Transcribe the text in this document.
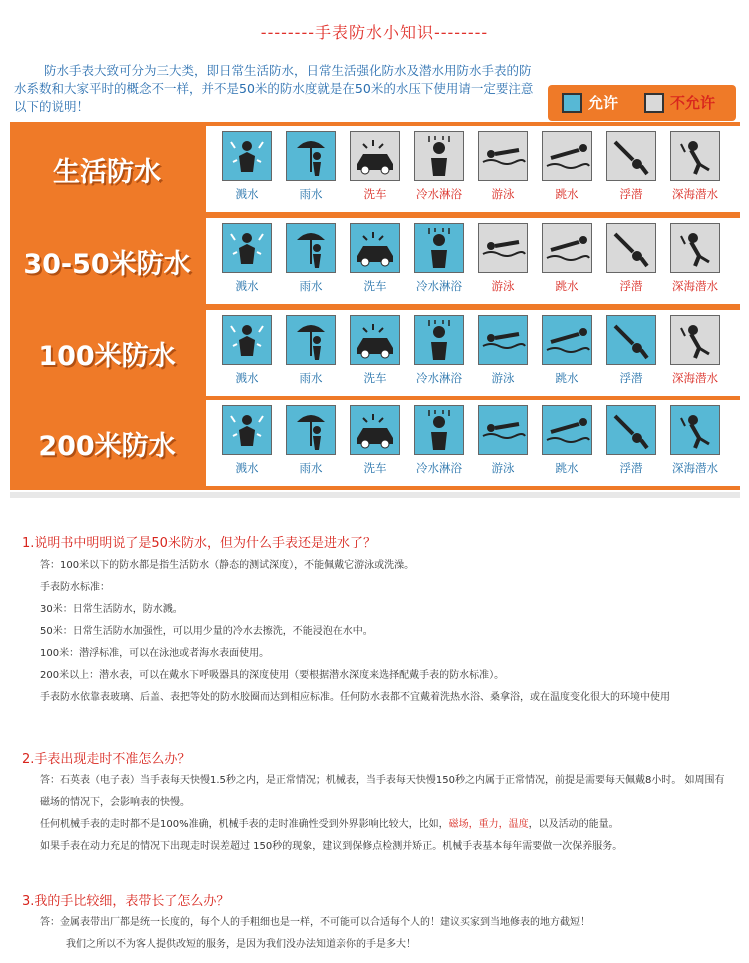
--------手表防水小知识--------
防水手表大致可分为三大类，即日常生活防水，日常生活强化防水及潜水用防水手表的防水系数和大家平时的概念不一样，并不是50米的防水度就是在50米的水压下使用请一定要注意以下的说明！	允许	不允许
生活防水
溅水	雨水	洗车	冷水淋浴	游泳	跳水	浮潜	深海潜水
30-50米防水
溅水	雨水	洗车	冷水淋浴	游泳	跳水	浮潜	深海潜水
100米防水
溅水	雨水	洗车	冷水淋浴	游泳	跳水	浮潜	深海潜水
200米防水
溅水	雨水	洗车	冷水淋浴	游泳	跳水	浮潜	深海潜水
1.说明书中明明说了是50米防水，但为什么手表还是进水了？
答：100米以下的防水都是指生活防水（静态的测试深度），不能佩戴它游泳或洗澡。
手表防水标准：
30米：日常生活防水，防水溅。
50米：日常生活防水加强性，可以用少量的冷水去擦洗，不能浸泡在水中。
100米：潜浮标准，可以在泳池或者海水表面使用。
200米以上：潜水表，可以在戴水下呼吸器具的深度使用（要根据潜水深度来选择配戴手表的防水标准）。
手表防水依靠表玻璃、后盖、表把等处的防水胶圈而达到相应标准。任何防水表都不宜戴着洗热水浴、桑拿浴，或在温度变化很大的环境中使用
2.手表出现走时不准怎么办？
答：石英表（电子表）当手表每天快慢1.5秒之内，是正常情况；机械表，当手表每天快慢150秒之内属于正常情况，前提是需要每天佩戴8小时。 如周围有磁场的情况下，会影响表的快慢。
任何机械手表的走时都不是100%准确，机械手表的走时准确性受到外界影响比较大，比如，磁场，重力，温度，以及活动的能量。
如果手表在动力充足的情况下出现走时误差超过 150秒的现象，建议到保修点检测并矫正。机械手表基本每年需要做一次保养服务。
3.我的手比较细，表带长了怎么办？
答：金属表带出厂都是统一长度的，每个人的手粗细也是一样，不可能可以合适每个人的！建议买家到当地修表的地方截短！
我们之所以不为客人提供改短的服务，是因为我们没办法知道亲你的手是多大！
